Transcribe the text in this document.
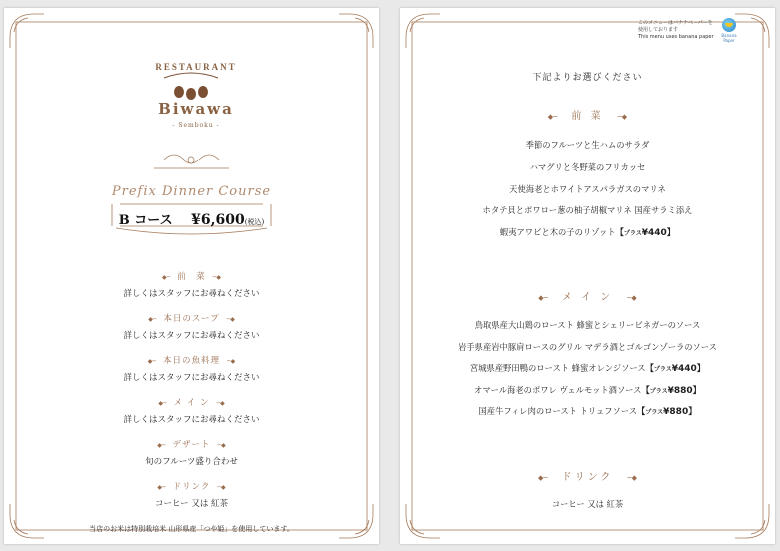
RESTAURANT
Biwawa
- Semboku -
Prefix Dinner Course
B コース ¥6,600(税込)
◆─ 前　菜 ─◆
詳しくはスタッフにお尋ねください
◆─ 本日のスープ ─◆
詳しくはスタッフにお尋ねください
◆─ 本日の魚料理 ─◆
詳しくはスタッフにお尋ねください
◆─ メ イ ン ─◆
詳しくはスタッフにお尋ねください
◆─ デザート ─◆
旬のフルーツ盛り合わせ
◆─ ドリンク ─◆
コーヒー 又は 紅茶
当店のお米は特別栽培米 山形県産「つや姫」を使用しています。
このメニューはバナナペーパーを
使用しております
This menu uses banana paper	Banana
Paper
下記よりお選びください
◆─ 前 菜 ─◆
季節のフルーツと生ハムのサラダ
ハマグリと冬野菜のフリカッセ
天使海老とホワイトアスパラガスのマリネ
ホタテ貝とポワロー葱の柚子胡椒マリネ 国産サラミ添え
蝦夷アワビと木の子のリゾット【プラス¥440】
◆─ メ イ ン ─◆
鳥取県産大山鶏のロースト 蜂蜜とシェリービネガーのソース
岩手県産岩中豚肩ロースのグリル マデラ酒とゴルゴンゾーラのソース
宮城県産野田鴨のロースト 蜂蜜オレンジソース【プラス¥440】
オマール海老のポワレ ヴェルモット酒ソース【プラス¥880】
国産牛フィレ肉のロースト トリュフソース【プラス¥880】
◆─ ドリンク ─◆
コーヒー 又は 紅茶
